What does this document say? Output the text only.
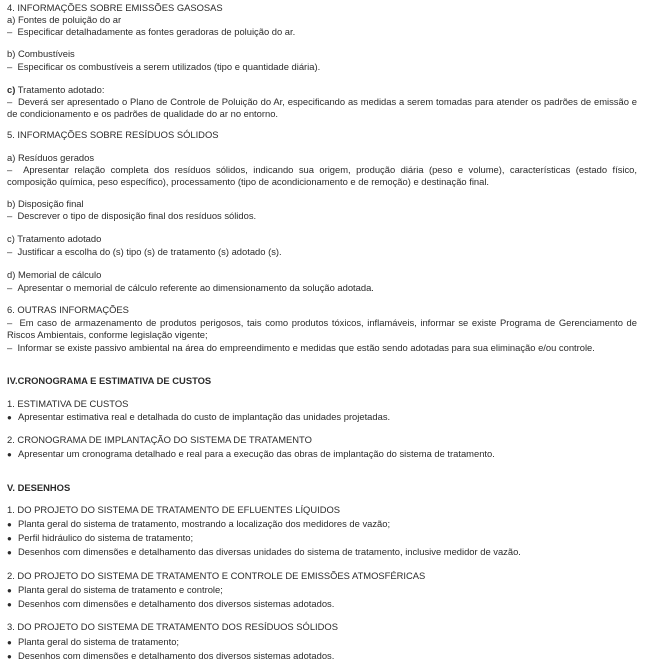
4. INFORMAÇÕES SOBRE EMISSÕES GASOSAS

a) Fontes de poluição do ar

–  Especificar detalhadamente as fontes geradoras de poluição do ar.

b) Combustíveis

–  Especificar os combustíveis a serem utilizados (tipo e quantidade diária).

c) Tratamento adotado:

–  Deverá ser apresentado o Plano de Controle de Poluição do Ar, especificando as medidas a serem tomadas para atender os padrões de emissão e de condicionamento e os padrões de qualidade do ar no entorno.

5. INFORMAÇÕES SOBRE RESÍDUOS SÓLIDOS

a) Resíduos gerados

–  Apresentar relação completa dos resíduos sólidos, indicando sua origem, produção diária (peso e volume), características (estado físico, composição química, peso específico), processamento (tipo de acondicionamento e de remoção) e destinação final.

b) Disposição final

–  Descrever o tipo de disposição final dos resíduos sólidos.

c) Tratamento adotado

–  Justificar a escolha do (s) tipo (s) de tratamento (s) adotado (s).

d) Memorial de cálculo

–  Apresentar o memorial de cálculo referente ao dimensionamento da solução adotada.

6. OUTRAS INFORMAÇÕES

–  Em caso de armazenamento de produtos perigosos, tais como produtos tóxicos, inflamáveis, informar se existe Programa de Gerenciamento de Riscos Ambientais, conforme legislação vigente;

–  Informar se existe passivo ambiental na área do empreendimento e medidas que estão sendo adotadas para sua eliminação e/ou controle.

IV.CRONOGRAMA E ESTIMATIVA DE CUSTOS

1. ESTIMATIVA DE CUSTOS

● Apresentar estimativa real e detalhada do custo de implantação das unidades projetadas.

2. CRONOGRAMA DE IMPLANTAÇÃO DO SISTEMA DE TRATAMENTO

● Apresentar um cronograma detalhado e real para a execução das obras de implantação do sistema de tratamento.

V. DESENHOS

1. DO PROJETO DO SISTEMA DE TRATAMENTO DE EFLUENTES LÍQUIDOS

● Planta geral do sistema de tratamento, mostrando a localização dos medidores de vazão;

● Perfil hidráulico do sistema de tratamento;

● Desenhos com dimensões e detalhamento das diversas unidades do sistema de tratamento, inclusive medidor de vazão.

2. DO PROJETO DO SISTEMA DE TRATAMENTO E CONTROLE DE EMISSÕES ATMOSFÉRICAS

● Planta geral do sistema de tratamento e controle;

● Desenhos com dimensões e detalhamento dos diversos sistemas adotados.

3. DO PROJETO DO SISTEMA DE TRATAMENTO DOS RESÍDUOS SÓLIDOS

● Planta geral do sistema de tratamento;

● Desenhos com dimensões e detalhamento dos diversos sistemas adotados.
